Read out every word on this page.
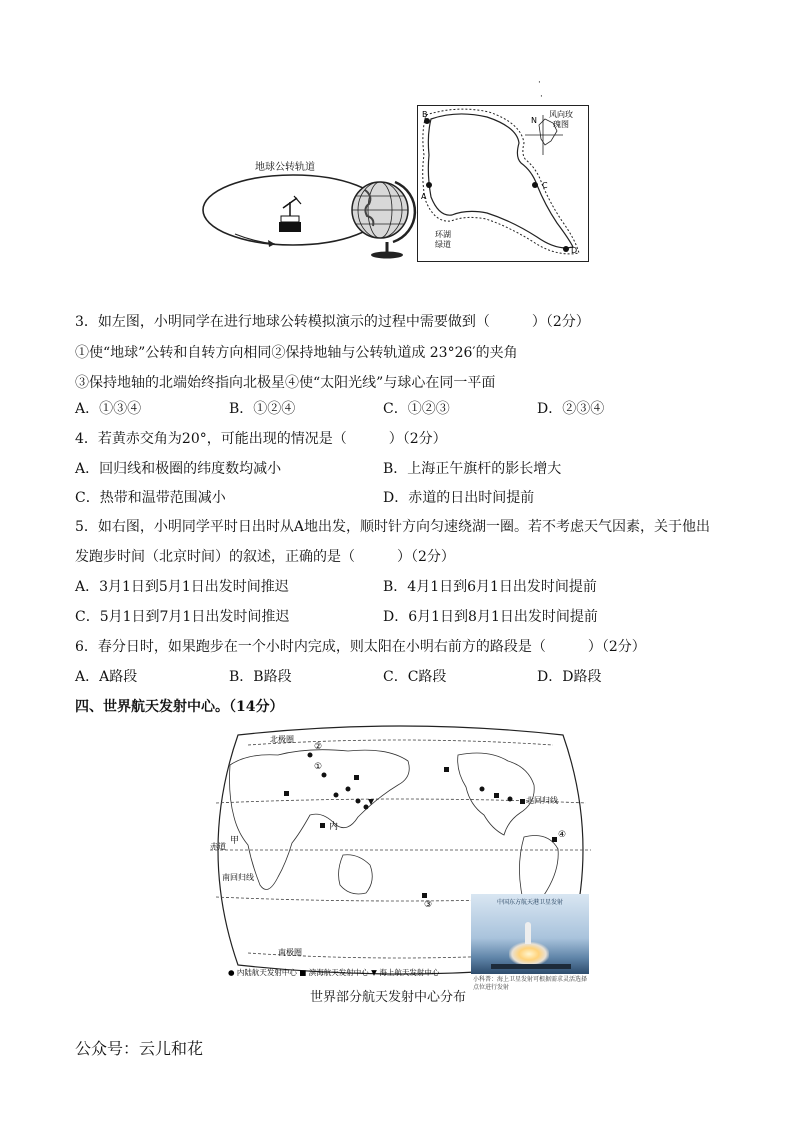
·
·
地球公转轨道
B
A
C
D
环湖
绿道
N
风向玫
瑰图
3．如左图，小明同学在进行地球公转模拟演示的过程中需要做到（　　　）（2分）
①使“地球”公转和自转方向相同②保持地轴与公转轨道成 23°26′的夹角
③保持地轴的北端始终指向北极星④使“太阳光线”与球心在同一平面
A．①③④	B．①②④	C．①②③	D．②③④
4．若黄赤交角为20°，可能出现的情况是（　　　）（2分）
A．回归线和极圈的纬度数均减小	B．上海正午旗杆的影长增大
C．热带和温带范围减小	D．赤道的日出时间提前
5．如右图，小明同学平时日出时从A地出发，顺时针方向匀速绕湖一圈。若不考虑天气因素，关于他出
发跑步时间（北京时间）的叙述，正确的是（　　　）（2分）
A．3月1日到5月1日出发时间推迟	B．4月1日到6月1日出发时间提前
C．5月1日到7月1日出发时间推迟	D．6月1日到8月1日出发时间提前
6．春分日时，如果跑步在一个小时内完成，则太阳在小明右前方的路段是（　　　）（2分）
A．A路段	B．B路段	C．C路段	D．D路段
四、世界航天发射中心。（14分）
北极圈
北回归线
赤道
南回归线
南极圈
甲
内
②
①
③
④
● 内陆航天发射中心 ■ 滨海航天发射中心 ▼ 海上航天发射中心
中国东方航天港卫星发射
小科普：海上卫星发射可根据需求灵活选择点位进行发射
世界部分航天发射中心分布
公众号：云儿和花
